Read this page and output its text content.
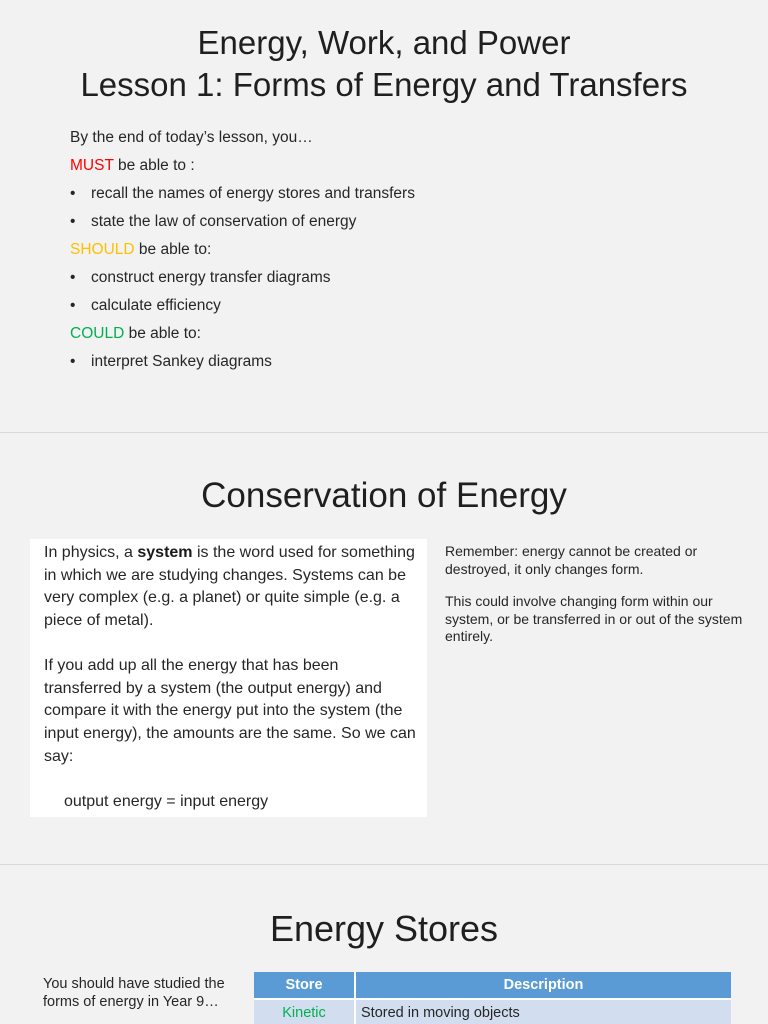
Energy, Work, and Power
Lesson 1: Forms of Energy and Transfers
By the end of today’s lesson, you…
MUST be able to :
• recall the names of energy stores and transfers
• state the law of conservation of energy
SHOULD be able to:
• construct energy transfer diagrams
• calculate efficiency
COULD be able to:
• interpret Sankey diagrams
Conservation of Energy
In physics, a system is the word used for something in which we are studying changes. Systems can be very complex (e.g. a planet) or quite simple (e.g. a piece of metal).
If you add up all the energy that has been transferred by a system (the output energy) and compare it with the energy put into the system (the input energy), the amounts are the same. So we can say:
output energy = input energy

Remember: energy cannot be created or destroyed, it only changes form.

This could involve changing form within our system, or be transferred in or out of the system entirely.

Energy Stores
You should have studied the forms of energy in Year 9…
Store	Description
Kinetic	Stored in moving objects
